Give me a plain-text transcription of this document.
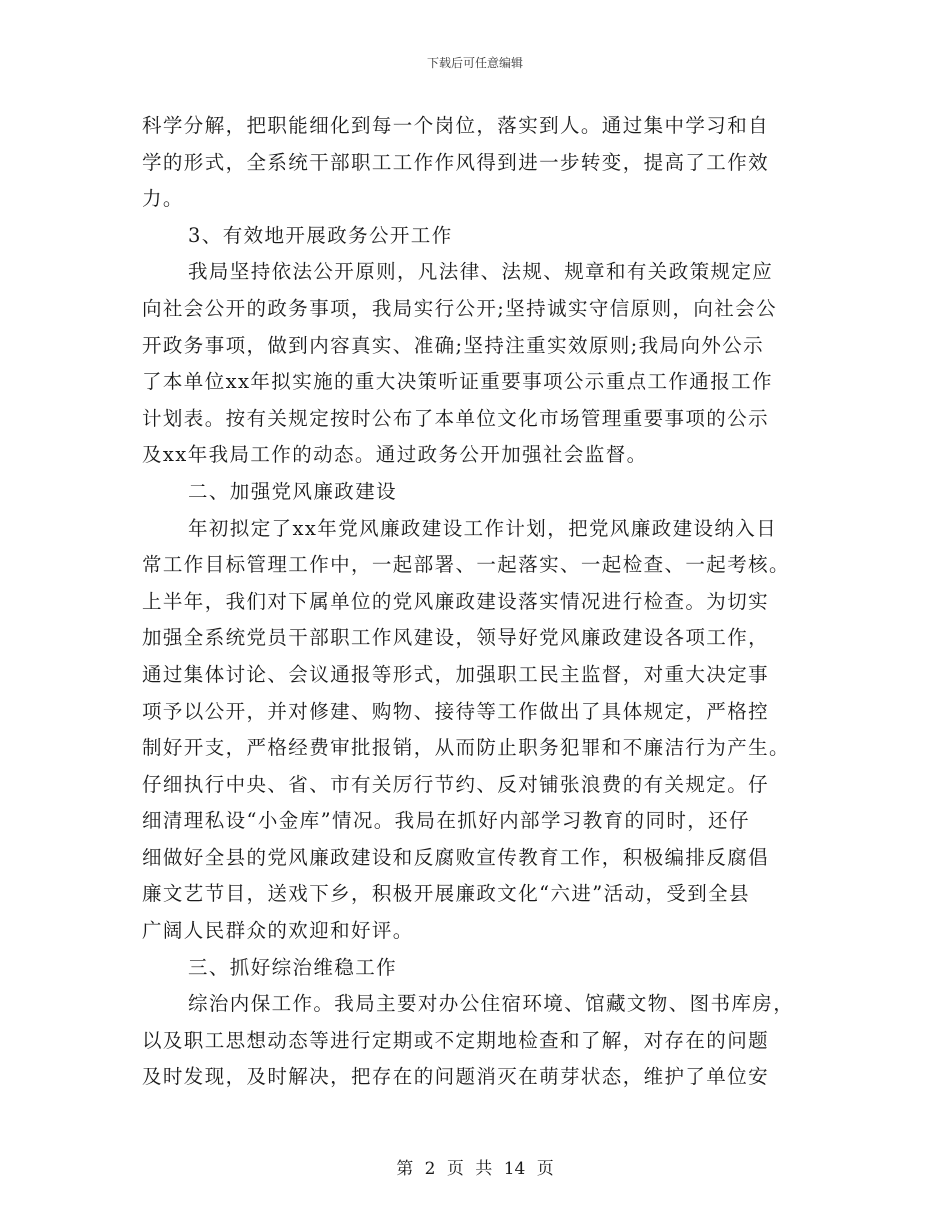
下载后可任意编辑
科学分解，把职能细化到每一个岗位，落实到人。通过集中学习和自
学的形式，全系统干部职工工作作风得到进一步转变，提高了工作效
力。
3、有效地开展政务公开工作
我局坚持依法公开原则，凡法律、法规、规章和有关政策规定应
向社会公开的政务事项，我局实行公开;坚持诚实守信原则，向社会公
开政务事项，做到内容真实、准确;坚持注重实效原则;我局向外公示
了本单位xx年拟实施的重大决策听证重要事项公示重点工作通报工作
计划表。按有关规定按时公布了本单位文化市场管理重要事项的公示
及xx年我局工作的动态。通过政务公开加强社会监督。
二、加强党风廉政建设
年初拟定了xx年党风廉政建设工作计划，把党风廉政建设纳入日
常工作目标管理工作中，一起部署、一起落实、一起检查、一起考核。
上半年，我们对下属单位的党风廉政建设落实情况进行检查。为切实
加强全系统党员干部职工作风建设，领导好党风廉政建设各项工作，
通过集体讨论、会议通报等形式，加强职工民主监督，对重大决定事
项予以公开，并对修建、购物、接待等工作做出了具体规定，严格控
制好开支，严格经费审批报销，从而防止职务犯罪和不廉洁行为产生。
仔细执行中央、省、市有关厉行节约、反对铺张浪费的有关规定。仔
细清理私设“小金库”情况。我局在抓好内部学习教育的同时，还仔
细做好全县的党风廉政建设和反腐败宣传教育工作，积极编排反腐倡
廉文艺节目，送戏下乡，积极开展廉政文化“六进”活动，受到全县
广阔人民群众的欢迎和好评。
三、抓好综治维稳工作
综治内保工作。我局主要对办公住宿环境、馆藏文物、图书库房，
以及职工思想动态等进行定期或不定期地检查和了解，对存在的问题
及时发现，及时解决，把存在的问题消灭在萌芽状态，维护了单位安
第 2 页 共 14 页
